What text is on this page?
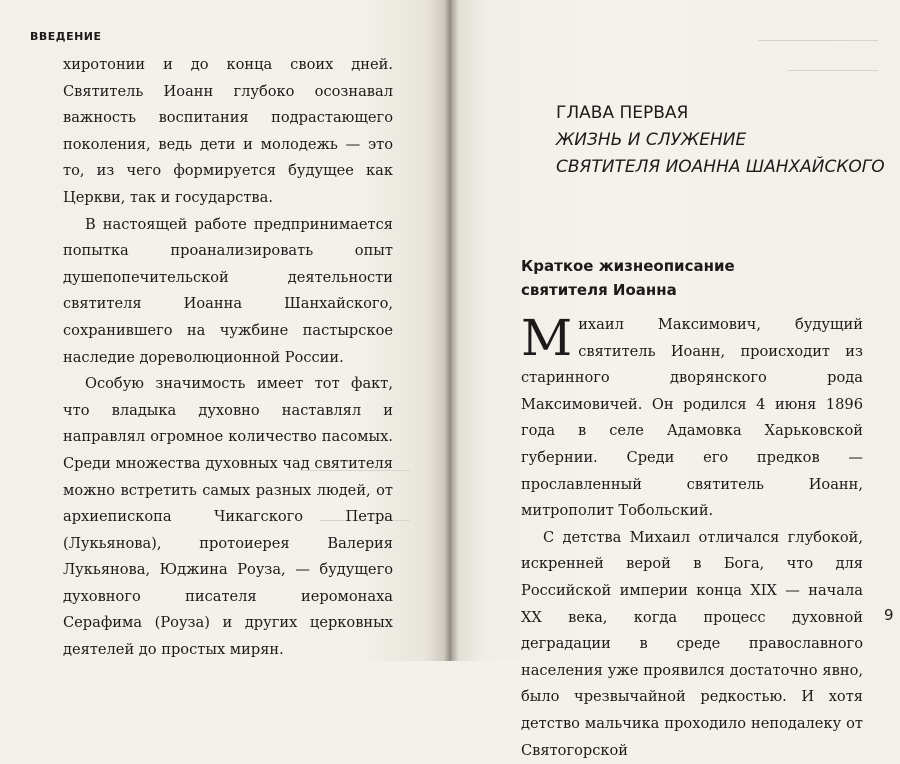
ВВЕДЕНИЕ

хиротонии и до конца своих дней. Святитель Иоанн глубоко осознавал важность воспитания подрастающего поколения, ведь дети и молодежь — это то, из чего формируется будущее как Церкви, так и государства.

В настоящей работе предпринимается попытка проанализировать опыт душепопечительской деятельности святителя Иоанна Шанхайского, сохранившего на чужбине пастырское наследие дореволюционной России.

Особую значимость имеет тот факт, что владыка духовно наставлял и направлял огромное количество пасомых. Среди множества духовных чад святителя можно встретить самых разных людей, от архиепископа Чикагского Петра (Лукьянова), протоиерея Валерия Лукьянова, Юджина Роуза, — будущего духовного писателя иеромонаха Серафима (Роуза) и других церковных деятелей до простых мирян.

ГЛАВА ПЕРВАЯ
ЖИЗНЬ И СЛУЖЕНИЕ
СВЯТИТЕЛЯ ИОАННА ШАНХАЙСКОГО
Краткое жизнеописание
святителя Иоанна

Михаил Максимович, будущий святитель Иоанн, происходит из старинного дворянского рода Максимовичей. Он родился 4 июня 1896 года в селе Адамовка Харьковской губернии. Среди его предков — прославленный святитель Иоанн, митрополит Тобольский.

С детства Михаил отличался глубокой, искренней верой в Бога, что для Российской империи конца XIX — начала XX века, когда процесс духовной деградации в среде православного населения уже проявился достаточно явно, было чрезвычайной редкостью. И хотя детство мальчика проходило неподалеку от Святогорской

9
